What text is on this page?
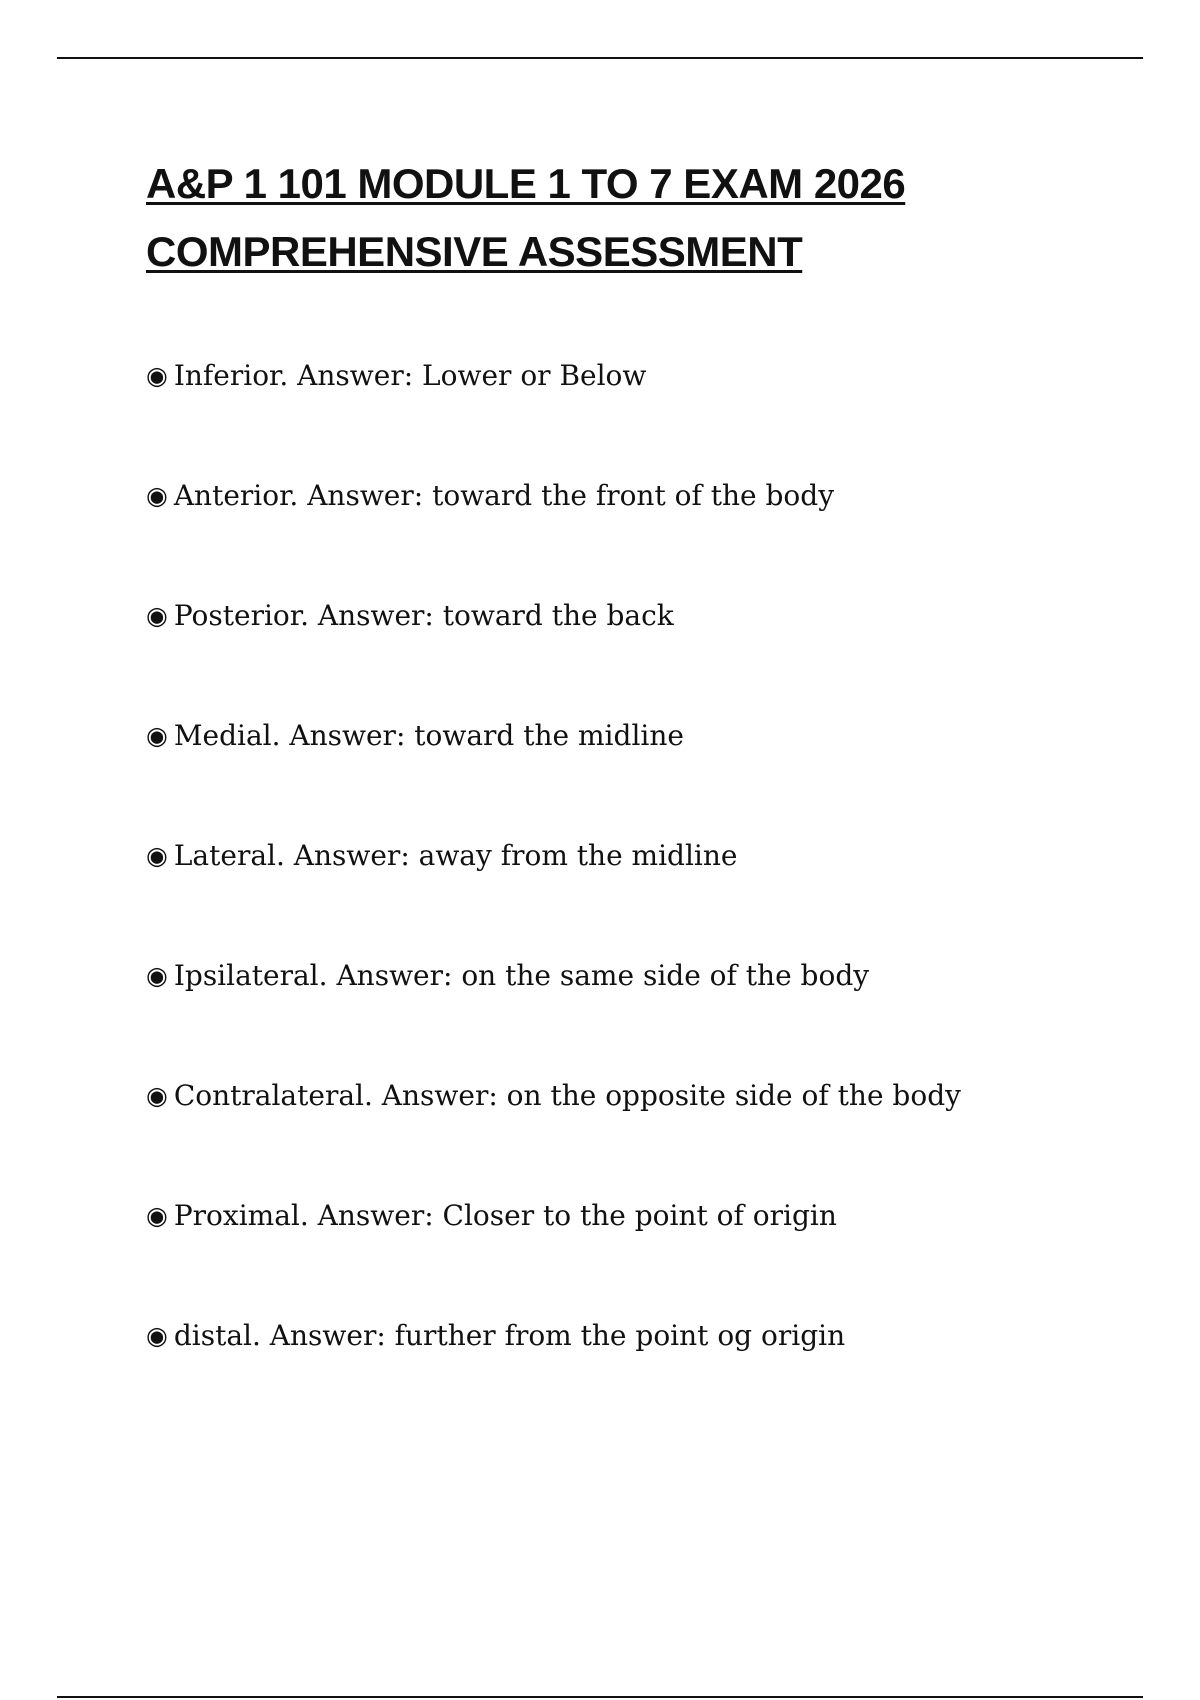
A&P 1 101 MODULE 1 TO 7 EXAM 2026
COMPREHENSIVE ASSESSMENT
◉ Inferior. Answer: Lower or Below
◉ Anterior. Answer: toward the front of the body
◉ Posterior. Answer: toward the back
◉ Medial. Answer: toward the midline
◉ Lateral. Answer: away from the midline
◉ Ipsilateral. Answer: on the same side of the body
◉ Contralateral. Answer: on the opposite side of the body
◉ Proximal. Answer: Closer to the point of origin
◉ distal. Answer: further from the point og origin
